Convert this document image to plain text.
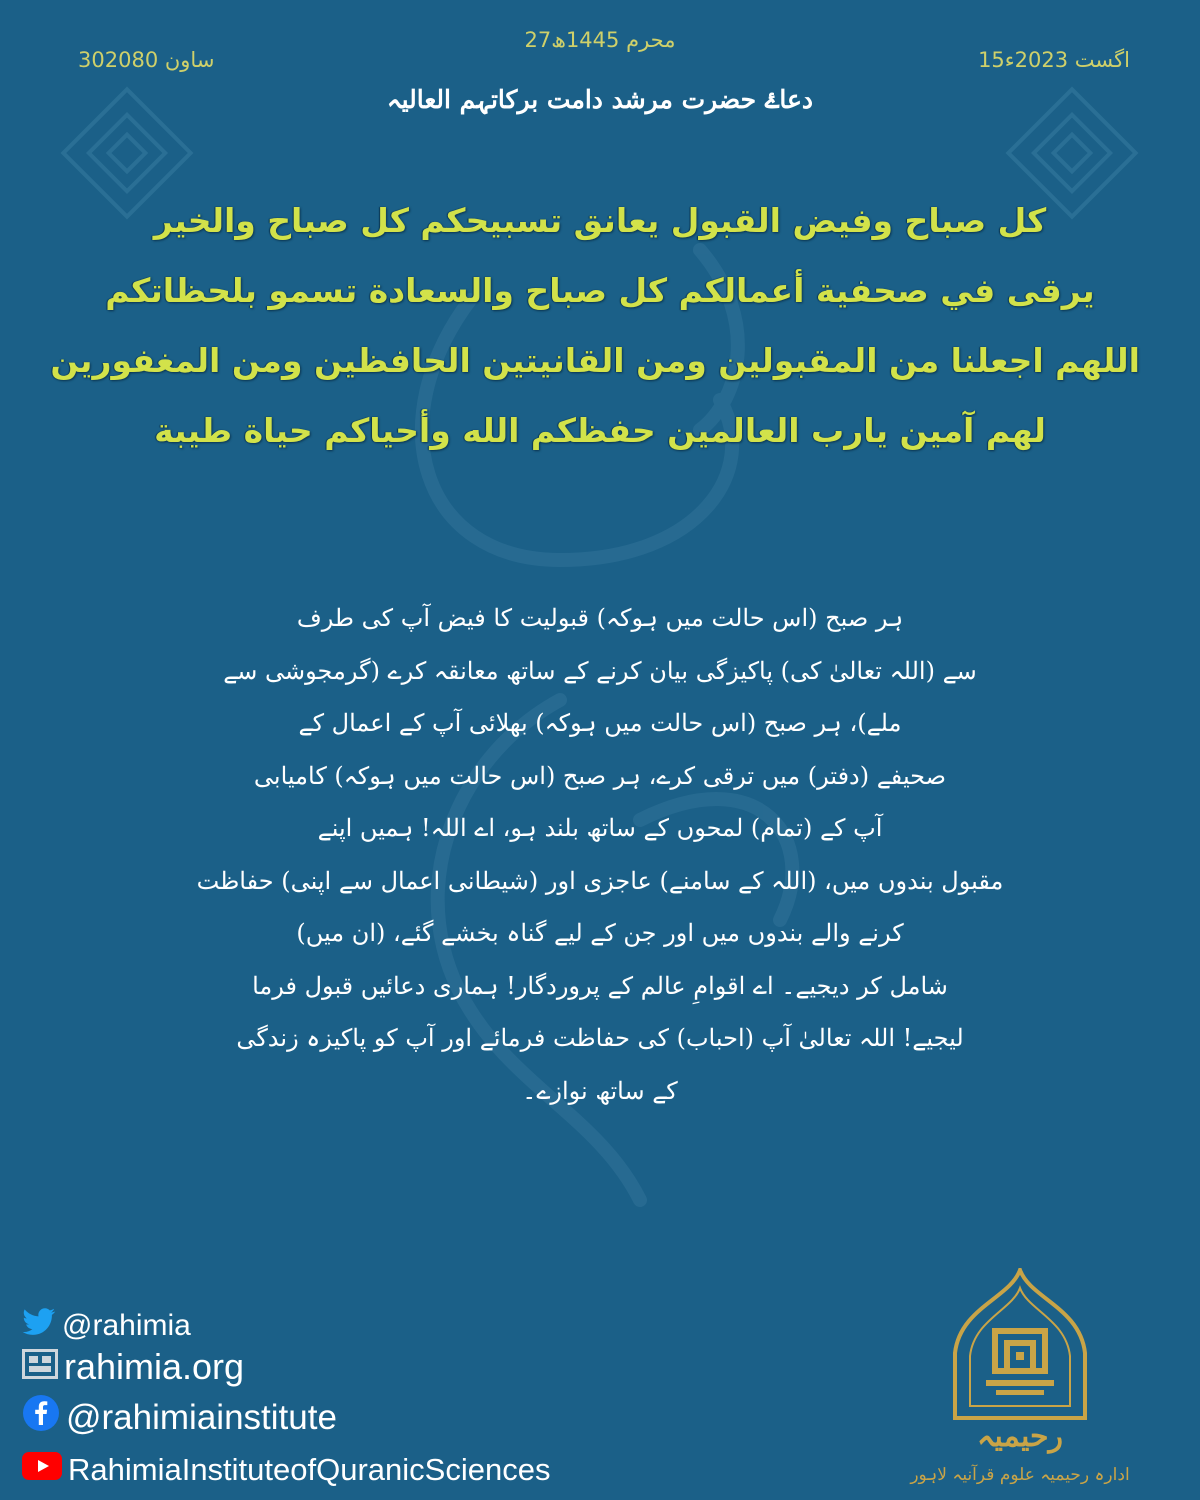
27محرم 1445ھ
15اگست 2023ء
30ساون 2080
دعاۓ حضرت مرشد دامت برکاتہم العالیہ
كل صباح وفيض القبول يعانق تسبيحكم كل صباح والخير
يرقى في صحفية أعمالكم كل صباح والسعادة تسمو بلحظاتكم
اللهم اجعلنا من المقبولين ومن القانيتين الحافظين ومن المغفورين
لهم آمين يارب العالمين حفظكم الله وأحياكم حياة طيبة
ہر صبح (اس حالت میں ہوکہ) قبولیت کا فیض آپ کی طرف
سے (اللہ تعالیٰ کی) پاکیزگی بیان کرنے کے ساتھ معانقہ کرے (گرمجوشی سے
ملے)، ہر صبح (اس حالت میں ہوکہ) بھلائی آپ کے اعمال کے
صحیفے (دفتر) میں ترقی کرے، ہر صبح (اس حالت میں ہوکہ) کامیابی
آپ کے (تمام) لمحوں کے ساتھ بلند ہو، اے اللہ! ہمیں اپنے
مقبول بندوں میں، (اللہ کے سامنے) عاجزی اور (شیطانی اعمال سے اپنی) حفاظت
کرنے والے بندوں میں اور جن کے لیے گناہ بخشے گئے، (ان میں)
شامل کر دیجیے۔ اے اقوامِ عالم کے پروردگار! ہماری دعائیں قبول فرما
لیجیے! اللہ تعالیٰ آپ (احباب) کی حفاظت فرمائے اور آپ کو پاکیزہ زندگی
کے ساتھ نوازے۔
@rahimia
rahimia.org
@rahimiainstitute
RahimiaInstituteofQuranicSciences
رحیمیہ
ادارہ رحیمیہ علوم قرآنیہ لاہور
